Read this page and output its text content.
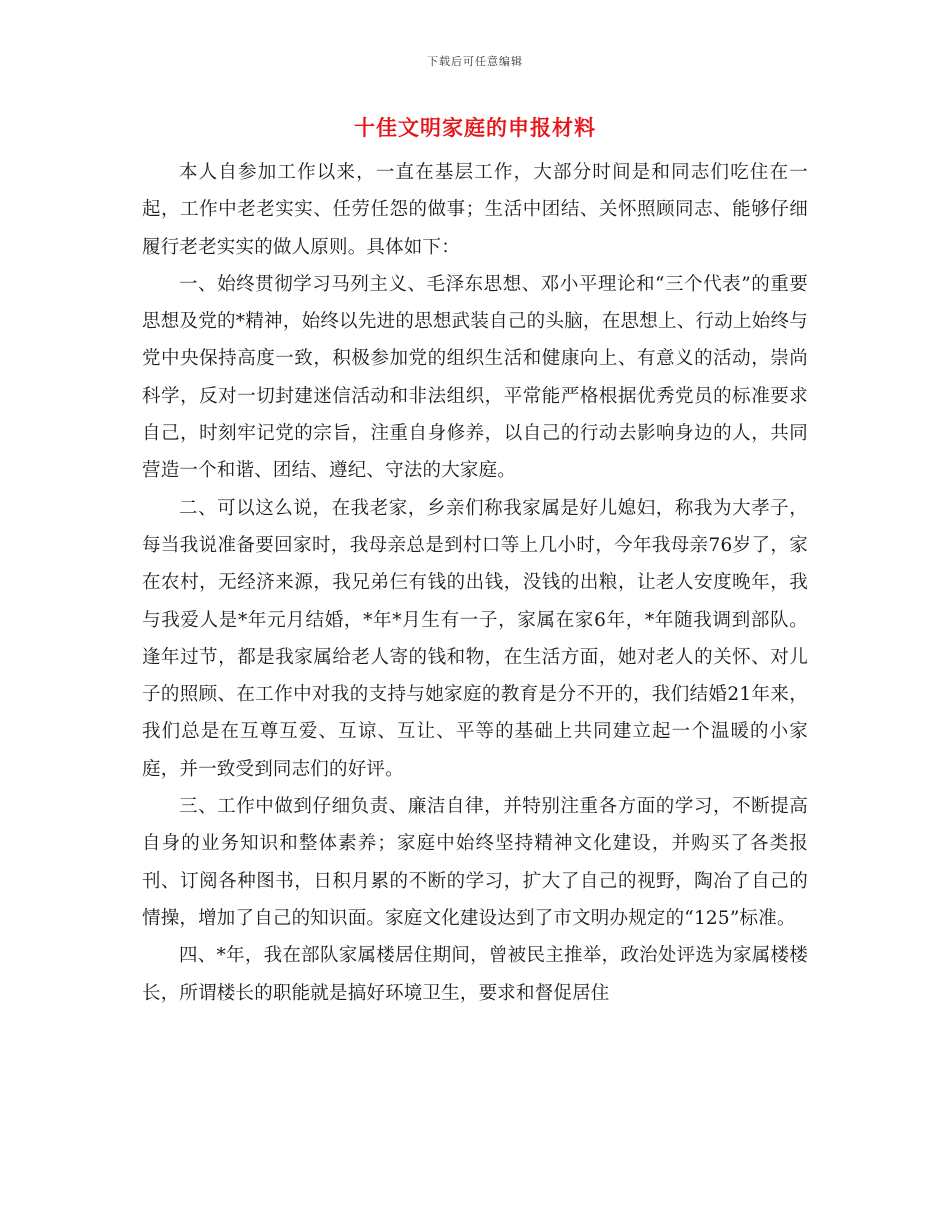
下载后可任意编辑
十佳文明家庭的申报材料

本人自参加工作以来，一直在基层工作，大部分时间是和同志们吃住在一起，工作中老老实实、任劳任怨的做事；生活中团结、关怀照顾同志、能够仔细履行老老实实的做人原则。具体如下：

一、始终贯彻学习马列主义、毛泽东思想、邓小平理论和“三个代表”的重要思想及党的*精神，始终以先进的思想武装自己的头脑，在思想上、行动上始终与党中央保持高度一致，积极参加党的组织生活和健康向上、有意义的活动，崇尚科学，反对一切封建迷信活动和非法组织，平常能严格根据优秀党员的标准要求自己，时刻牢记党的宗旨，注重自身修养，以自己的行动去影响身边的人，共同营造一个和谐、团结、遵纪、守法的大家庭。

二、可以这么说，在我老家，乡亲们称我家属是好儿媳妇，称我为大孝子，每当我说准备要回家时，我母亲总是到村口等上几小时，今年我母亲76岁了，家在农村，无经济来源，我兄弟仨有钱的出钱，没钱的出粮，让老人安度晚年，我与我爱人是*年元月结婚，*年*月生有一子，家属在家6年，*年随我调到部队。逢年过节，都是我家属给老人寄的钱和物，在生活方面，她对老人的关怀、对儿子的照顾、在工作中对我的支持与她家庭的教育是分不开的，我们结婚21年来，我们总是在互尊互爱、互谅、互让、平等的基础上共同建立起一个温暖的小家庭，并一致受到同志们的好评。

三、工作中做到仔细负责、廉洁自律，并特别注重各方面的学习，不断提高自身的业务知识和整体素养；家庭中始终坚持精神文化建设，并购买了各类报刊、订阅各种图书，日积月累的不断的学习，扩大了自己的视野，陶冶了自己的情操，增加了自己的知识面。家庭文化建设达到了市文明办规定的“125”标准。

四、*年，我在部队家属楼居住期间，曾被民主推举，政治处评选为家属楼楼长，所谓楼长的职能就是搞好环境卫生，要求和督促居住
